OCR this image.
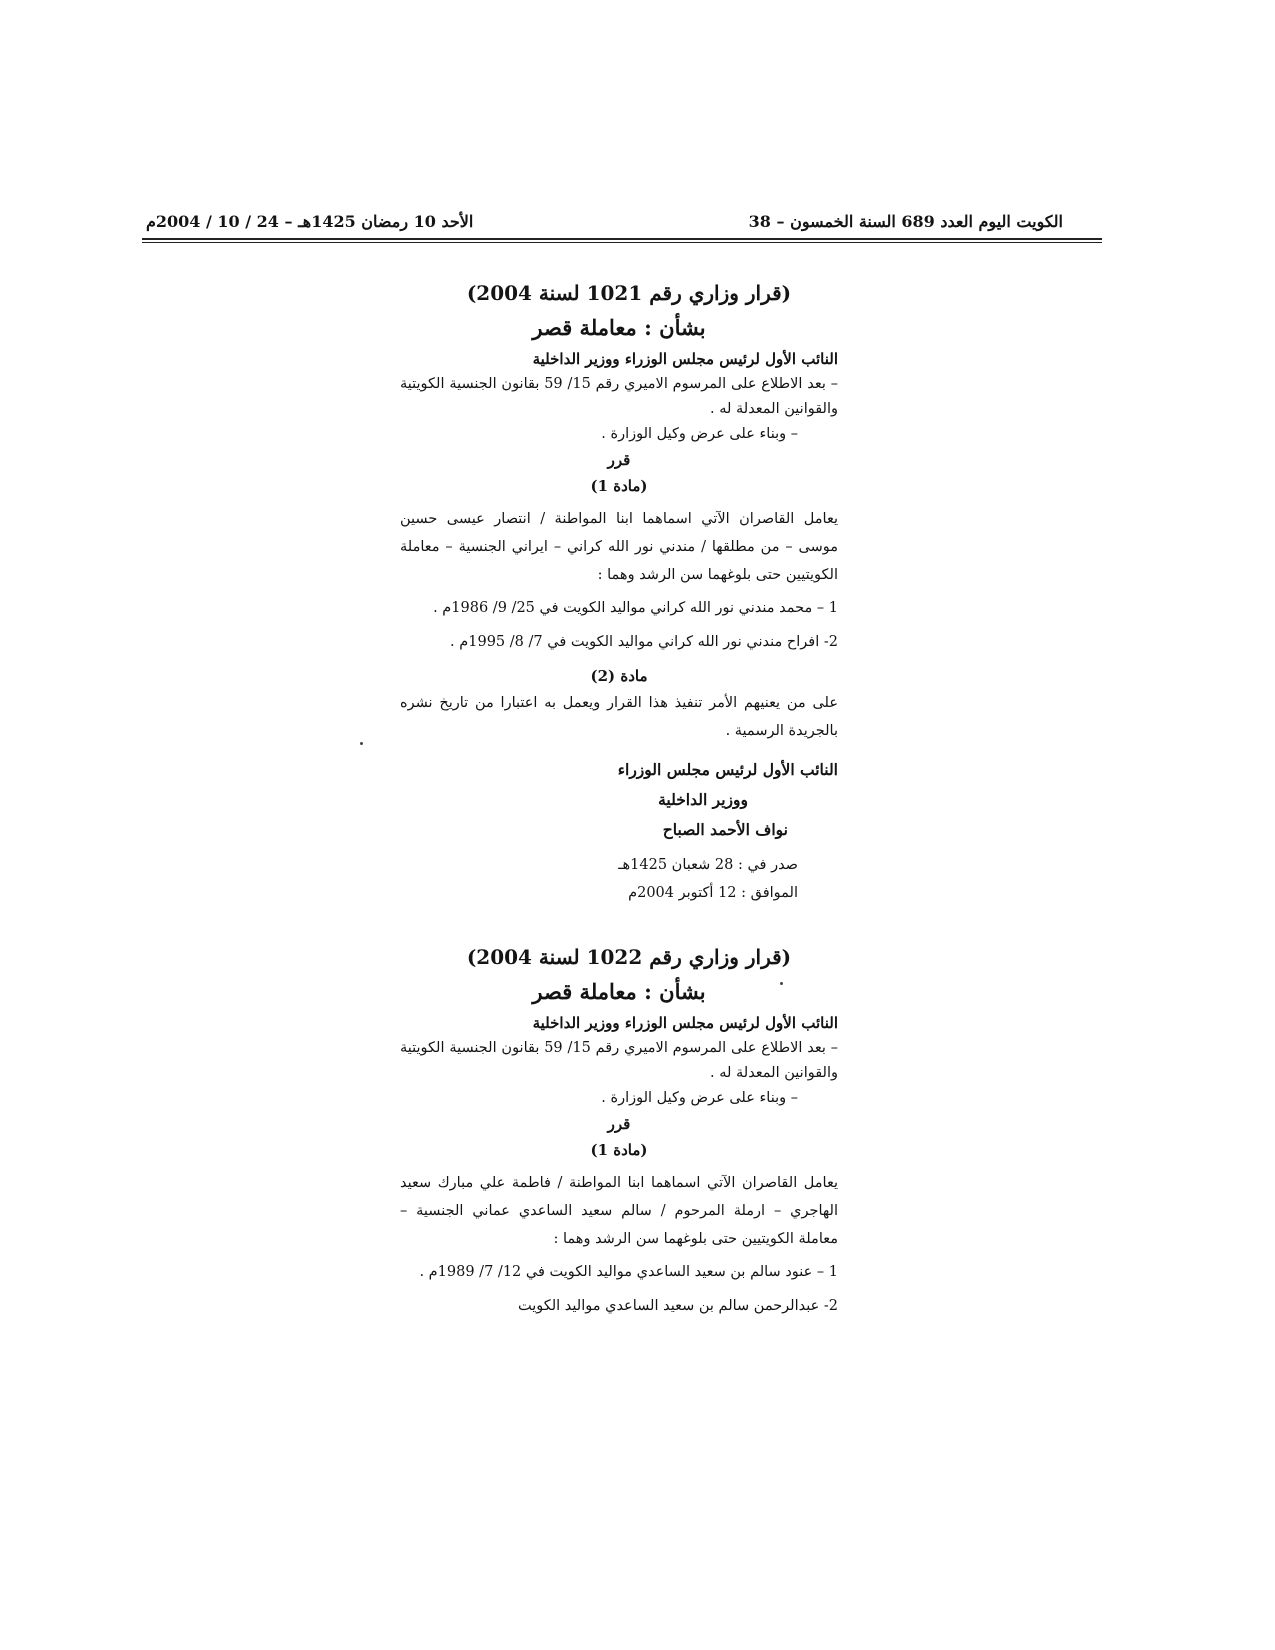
الكويت اليوم العدد 689 السنة الخمسون – 38
الأحد 10 رمضان 1425هـ – 24 / 10 / 2004م

(قرار وزاري رقم 1021 لسنة 2004)

بشأن : معاملة قصر

النائب الأول لرئيس مجلس الوزراء ووزير الداخلية

– بعد الاطلاع على المرسوم الاميري رقم 15/ 59 بقانون الجنسية الكويتية والقوانين المعدلة له .

– وبناء على عرض وكيل الوزارة .

قرر

(مادة 1)

يعامل القاصران الآتي اسماهما ابنا المواطنة / انتصار عيسى حسين موسى – من مطلقها / مندني نور الله كراني – ايراني الجنسية – معاملة الكويتيين حتى بلوغهما سن الرشد وهما :

1 – محمد مندني نور الله كراني مواليد الكويت في 25/ 9/ 1986م .

2- افراح مندني نور الله كراني مواليد الكويت في 7/ 8/ 1995م .

مادة (2)

على من يعنيهم الأمر تنفيذ هذا القرار ويعمل به اعتبارا من تاريخ نشره بالجريدة الرسمية .

النائب الأول لرئيس مجلس الوزراء

ووزير الداخلية

نواف الأحمد الصباح

صدر في : 28 شعبان 1425هـ

الموافق : 12 أكتوبر 2004م

(قرار وزاري رقم 1022 لسنة 2004)

بشأن : معاملة قصر

النائب الأول لرئيس مجلس الوزراء ووزير الداخلية

– بعد الاطلاع على المرسوم الاميري رقم 15/ 59 بقانون الجنسية الكويتية والقوانين المعدلة له .

– وبناء على عرض وكيل الوزارة .

قرر

(مادة 1)

يعامل القاصران الآتي اسماهما ابنا المواطنة / فاطمة علي مبارك سعيد الهاجري – ارملة المرحوم / سالم سعيد الساعدي عماني الجنسية – معاملة الكويتيين حتى بلوغهما سن الرشد وهما :

1 – عنود سالم بن سعيد الساعدي مواليد الكويت في 12/ 7/ 1989م .

2- عبدالرحمن سالم بن سعيد الساعدي مواليد الكويت
